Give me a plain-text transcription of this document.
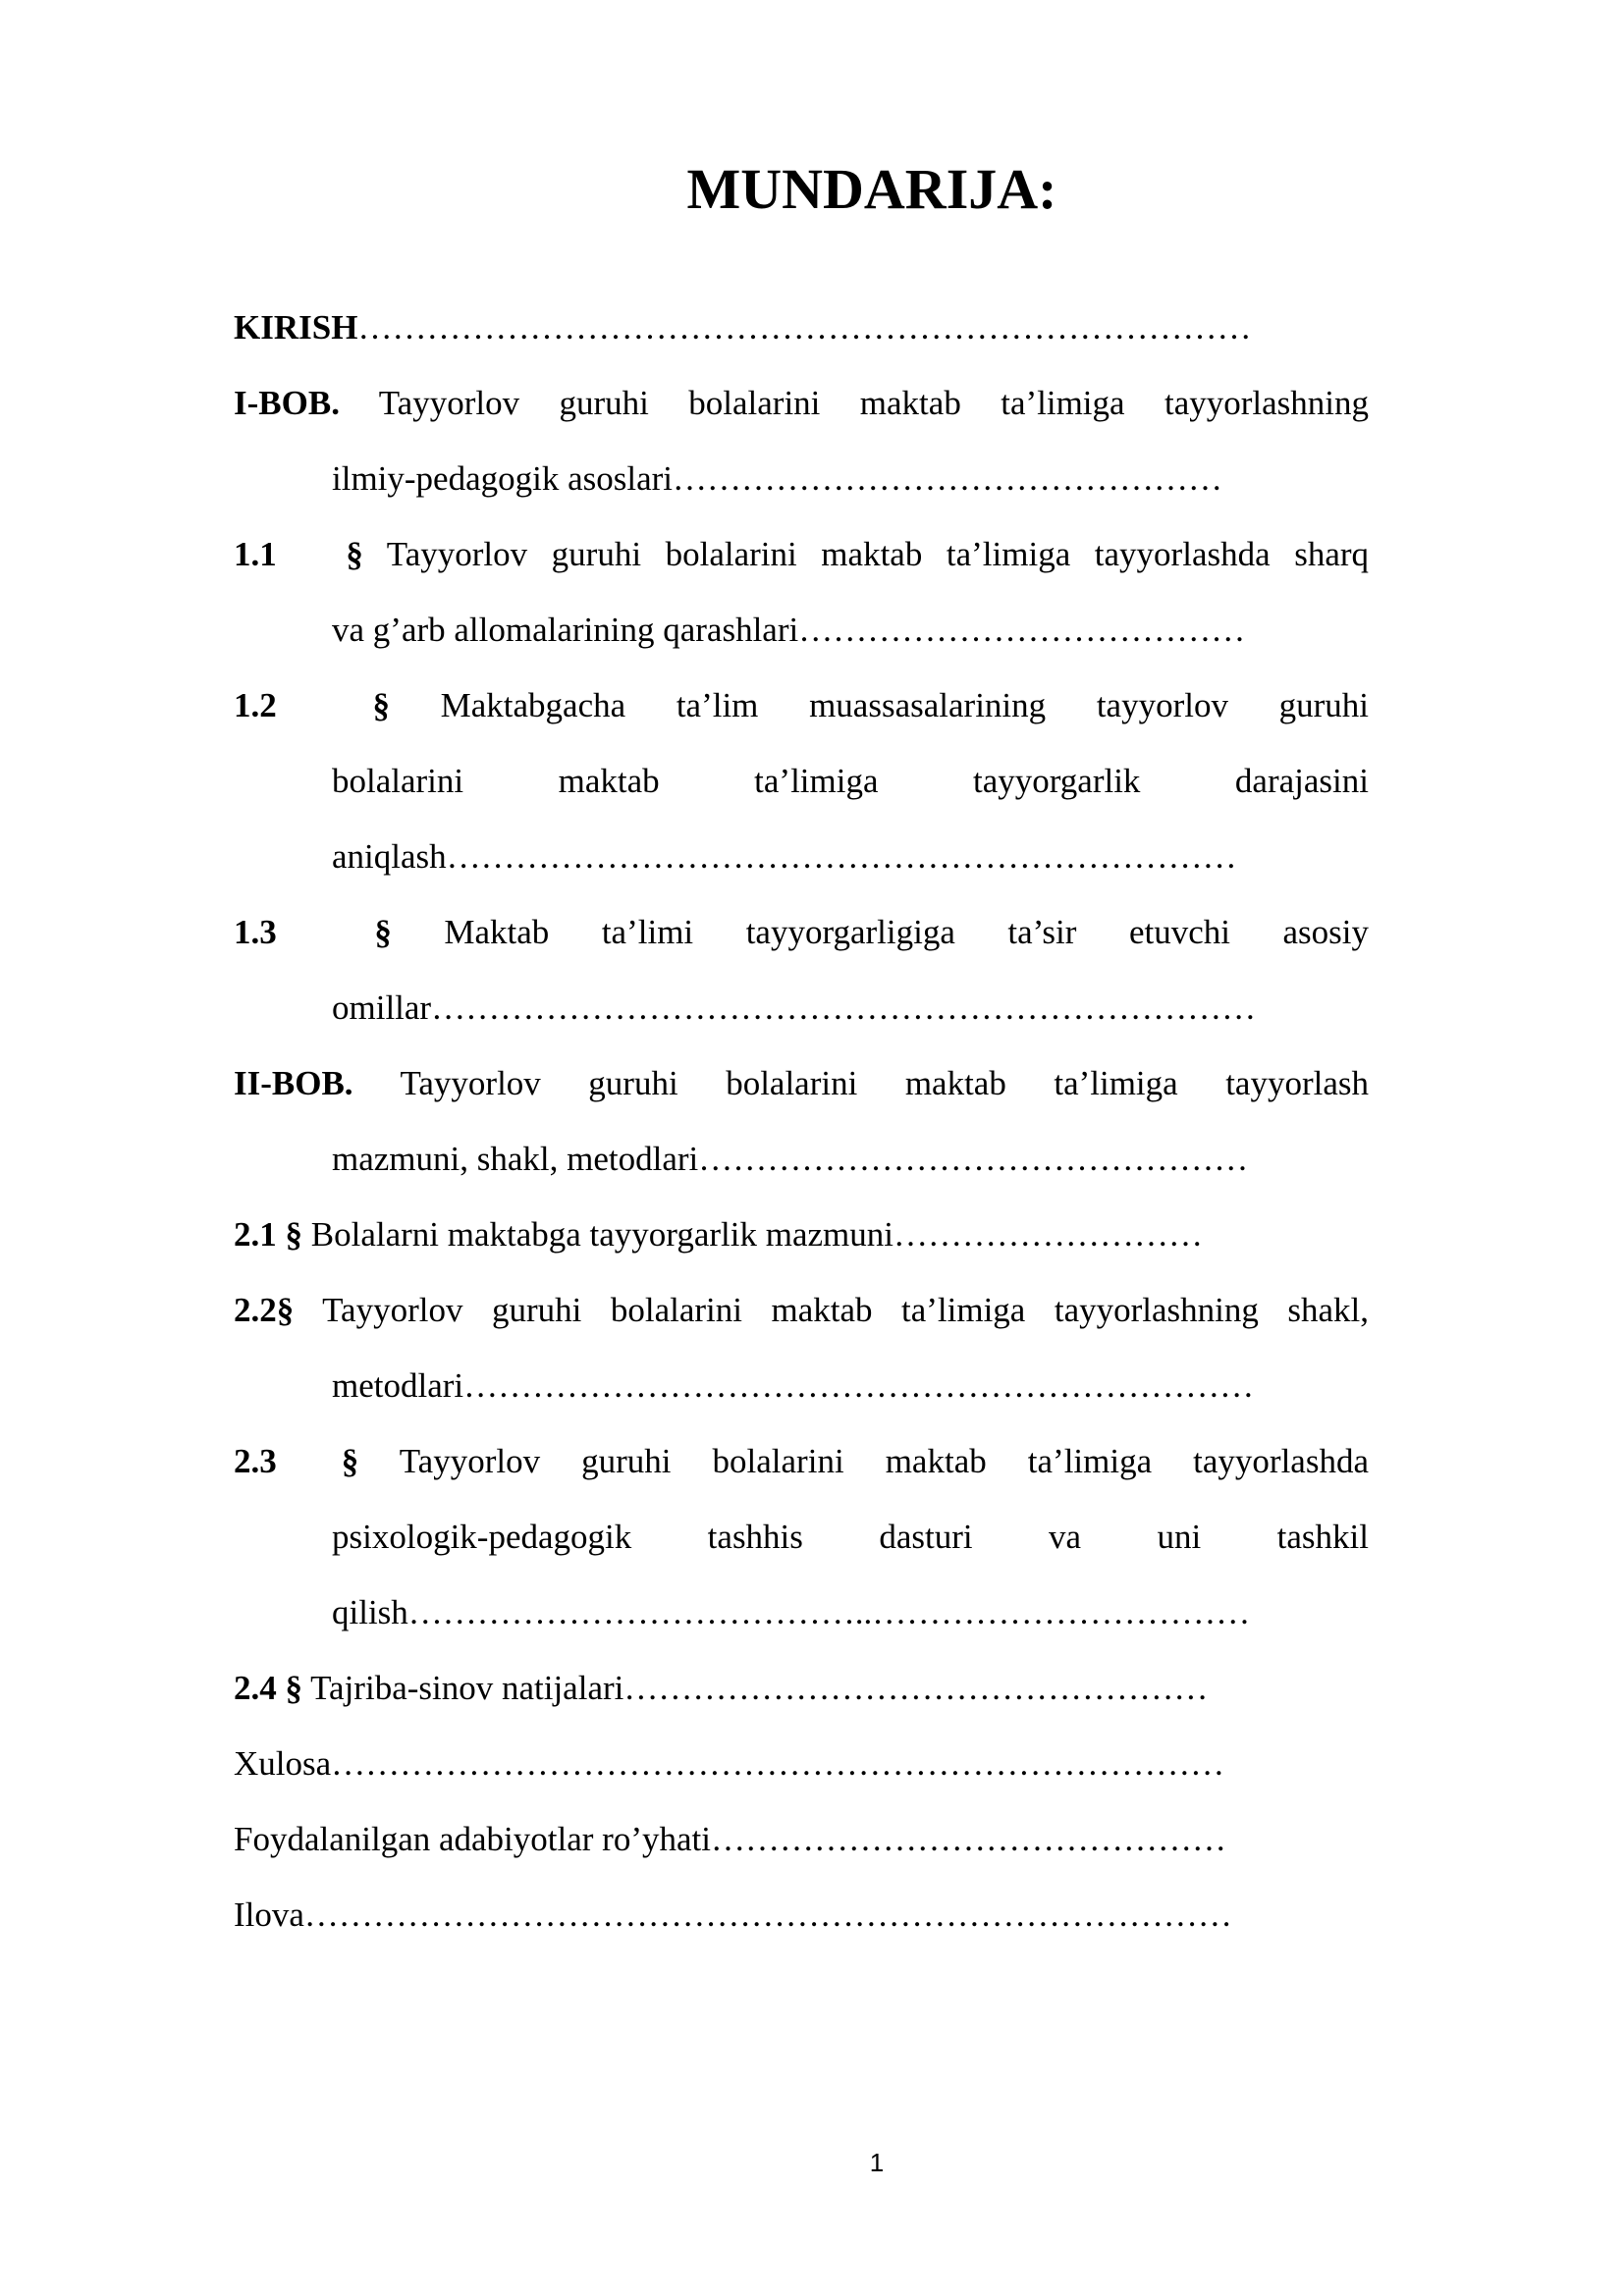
MUNDARIJA:

KIRISH……………………………………………………………………

I-BOB. Tayyorlov guruhi bolalarini maktab ta’limiga tayyorlashning
ilmiy-pedagogik asoslari…………………………………………

1.1 § Tayyorlov guruhi bolalarini maktab ta’limiga tayyorlashda sharq
va g’arb allomalarining qarashlari…………………………………

1.2	§ Maktabgacha ta’lim muassasalarining tayyorlov guruhi
bolalarini maktab ta’limiga tayyorgarlik darajasini
aniqlash……………………………………………………………

1.3	§ Maktab ta’limi tayyorgarligiga ta’sir etuvchi asosiy
omillar………………………………………………………………

II-BOB. Tayyorlov guruhi bolalarini maktab ta’limiga tayyorlash
mazmuni, shakl, metodlari…………………………………………

2.1 § Bolalarni maktabga tayyorgarlik mazmuni………………………

2.2§ Tayyorlov guruhi bolalarini maktab ta’limiga tayyorlashning shakl,
metodlari……………………………………………………………

2.3 § Tayyorlov guruhi bolalarini maktab ta’limiga tayyorlashda
psixologik-pedagogik tashhis dasturi va uni tashkil
qilish…………………………………..……………………………

2.4 § Tajriba-sinov natijalari……………………………………………

Xulosa……………………………………………………………………

Foydalanilgan adabiyotlar ro’yhati………………………………………

Ilova………………………………………………………………………

1
